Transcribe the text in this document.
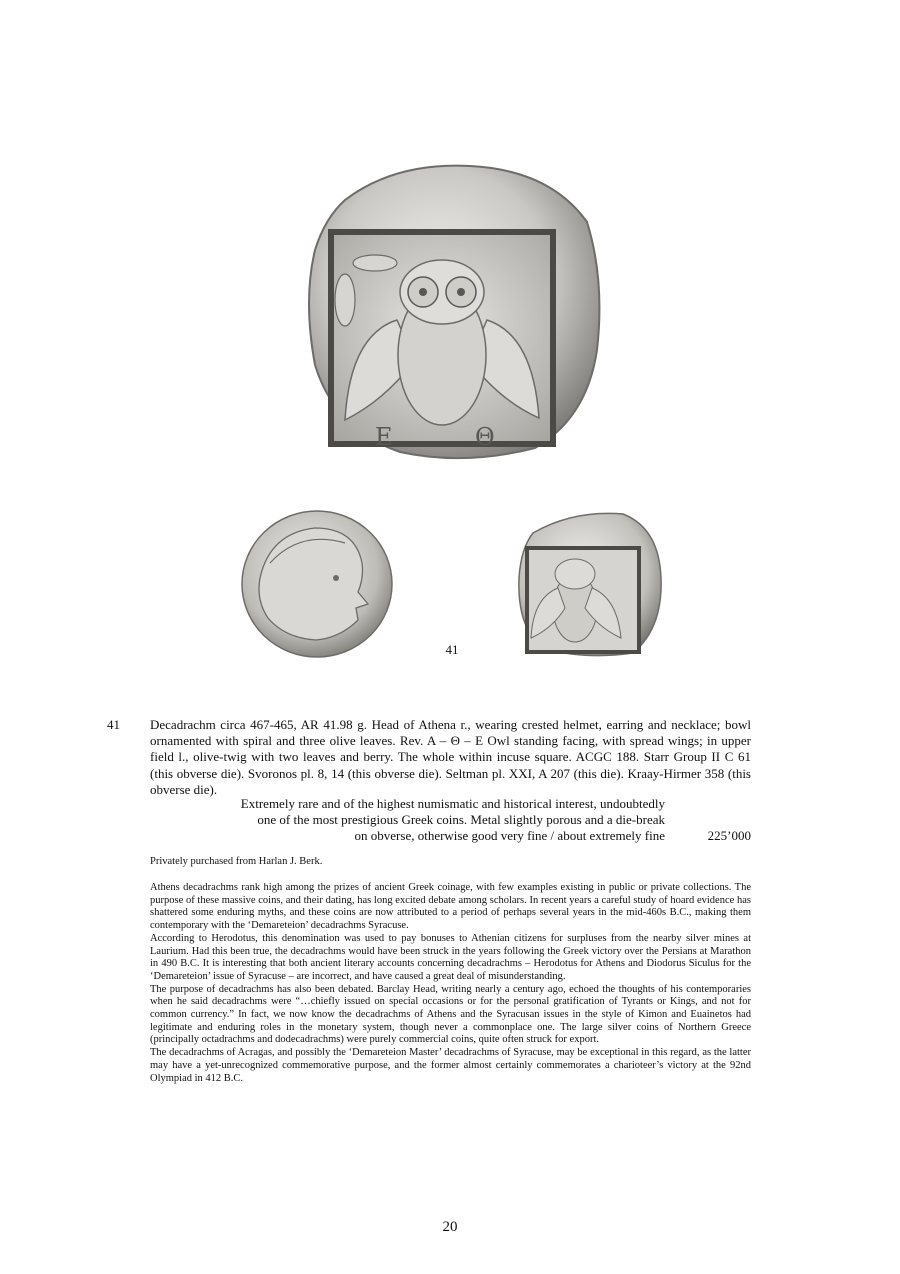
Ε	Θ
41
41 Decadrachm circa 467-465, AR 41.98 g. Head of Athena r., wearing crested helmet, earring and necklace; bowl ornamented with spiral and three olive leaves. Rev. A – Θ – E Owl standing facing, with spread wings; in upper field l., olive-twig with two leaves and berry. The whole within incuse square. ACGC 188. Starr Group II C 61 (this obverse die). Svoronos pl. 8, 14 (this obverse die). Seltman pl. XXI, A 207 (this die). Kraay-Hirmer 358 (this obverse die).
Extremely rare and of the highest numismatic and historical interest, undoubtedly
one of the most prestigious Greek coins. Metal slightly porous and a die-break
on obverse, otherwise good very fine / about extremely fine	225’000
Privately purchased from Harlan J. Berk.

Athens decadrachms rank high among the prizes of ancient Greek coinage, with few examples existing in public or private collections. The purpose of these massive coins, and their dating, has long excited debate among scholars. In recent years a careful study of hoard evidence has shattered some enduring myths, and these coins are now attributed to a period of perhaps several years in the mid-460s B.C., making them contemporary with the ‘Demareteion’ decadrachms Syracuse.

According to Herodotus, this denomination was used to pay bonuses to Athenian citizens for surpluses from the nearby silver mines at Laurium. Had this been true, the decadrachms would have been struck in the years following the Greek victory over the Persians at Marathon in 490 B.C. It is interesting that both ancient literary accounts concerning decadrachms – Herodotus for Athens and Diodorus Siculus for the ‘Demareteion’ issue of Syracuse – are incorrect, and have caused a great deal of misunderstanding.

The purpose of decadrachms has also been debated. Barclay Head, writing nearly a century ago, echoed the thoughts of his contemporaries when he said decadrachms were “…chiefly issued on special occasions or for the personal gratification of Tyrants or Kings, and not for common currency.” In fact, we now know the decadrachms of Athens and the Syracusan issues in the style of Kimon and Euainetos had legitimate and enduring roles in the monetary system, though never a commonplace one. The large silver coins of Northern Greece (principally octadrachms and dodecadrachms) were purely commercial coins, quite often struck for export.

The decadrachms of Acragas, and possibly the ‘Demareteion Master’ decadrachms of Syracuse, may be exceptional in this regard, as the latter may have a yet-unrecognized commemorative purpose, and the former almost certainly commemorates a charioteer’s victory at the 92nd Olympiad in 412 B.C.

20
